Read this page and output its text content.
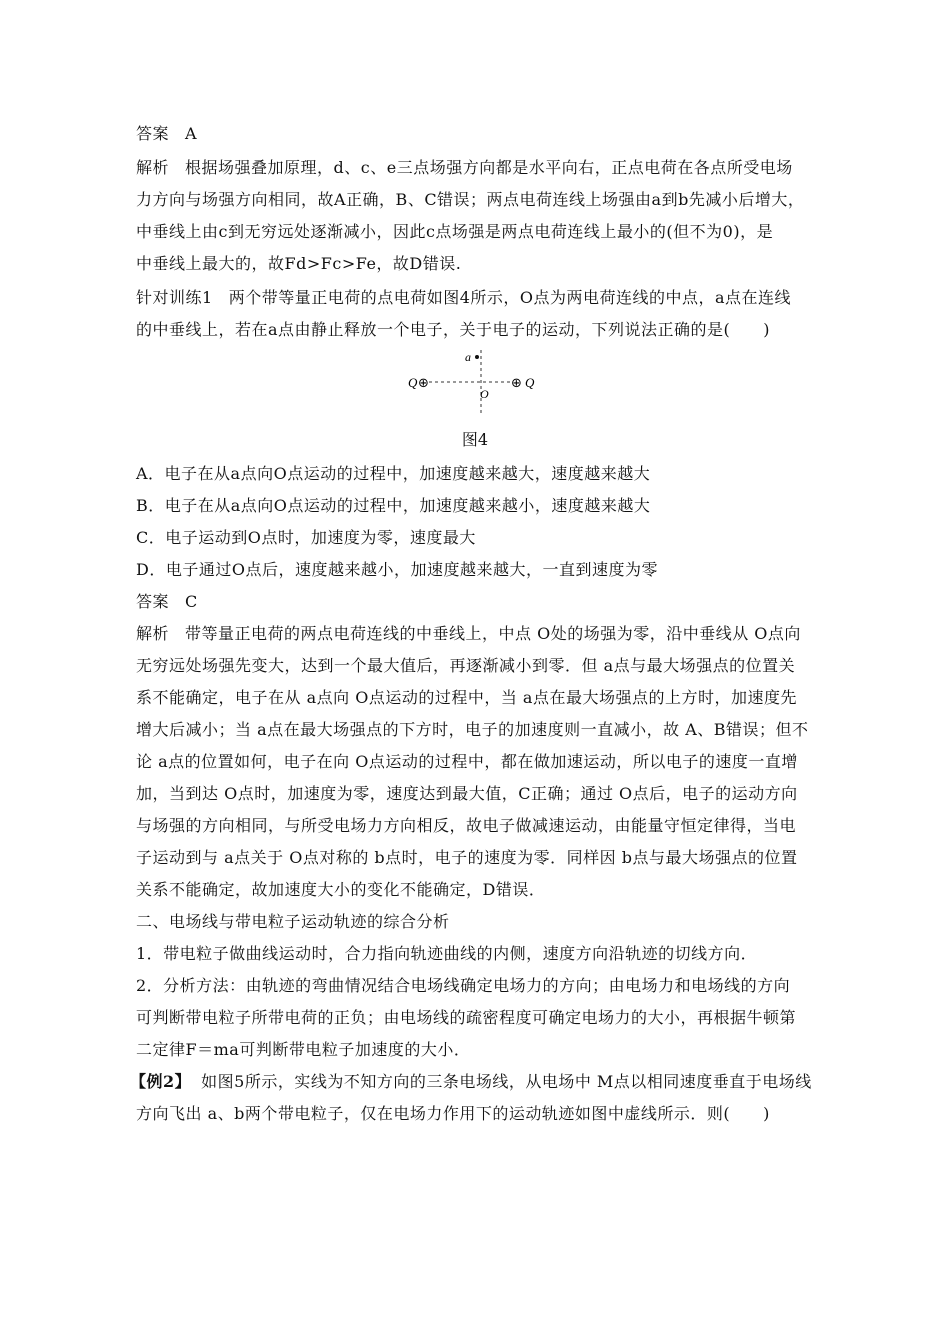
答案 A
解析 根据场强叠加原理，d、c、e三点场强方向都是水平向右，正点电荷在各点所受电场
力方向与场强方向相同，故A正确，B、C错误；两点电荷连线上场强由a到b先减小后增大，
中垂线上由c到无穷远处逐渐减小，因此c点场强是两点电荷连线上最小的(但不为0)，是
中垂线上最大的，故Fd>Fc>Fe，故D错误.
针对训练1 两个带等量正电荷的点电荷如图4所示，O点为两电荷连线的中点，a点在连线
的中垂线上，若在a点由静止释放一个电子，关于电子的运动，下列说法正确的是(　　)
a
Q ⊕	⊕ Q
O
图4
A．电子在从a点向O点运动的过程中，加速度越来越大，速度越来越大
B．电子在从a点向O点运动的过程中，加速度越来越小，速度越来越大
C．电子运动到O点时，加速度为零，速度最大
D．电子通过O点后，速度越来越小，加速度越来越大，一直到速度为零
答案 C
解析 带等量正电荷的两点电荷连线的中垂线上，中点 O处的场强为零，沿中垂线从 O点向
无穷远处场强先变大，达到一个最大值后，再逐渐减小到零．但 a点与最大场强点的位置关
系不能确定，电子在从 a点向 O点运动的过程中，当 a点在最大场强点的上方时，加速度先
增大后减小；当 a点在最大场强点的下方时，电子的加速度则一直减小，故 A、B错误；但不
论 a点的位置如何，电子在向 O点运动的过程中，都在做加速运动，所以电子的速度一直增
加，当到达 O点时，加速度为零，速度达到最大值，C正确；通过 O点后，电子的运动方向
与场强的方向相同，与所受电场力方向相反，故电子做减速运动，由能量守恒定律得，当电
子运动到与 a点关于 O点对称的 b点时，电子的速度为零．同样因 b点与最大场强点的位置
关系不能确定，故加速度大小的变化不能确定，D错误．
二、电场线与带电粒子运动轨迹的综合分析
1．带电粒子做曲线运动时，合力指向轨迹曲线的内侧，速度方向沿轨迹的切线方向．
2．分析方法：由轨迹的弯曲情况结合电场线确定电场力的方向；由电场力和电场线的方向
可判断带电粒子所带电荷的正负；由电场线的疏密程度可确定电场力的大小，再根据牛顿第
二定律F＝ma可判断带电粒子加速度的大小．
【例2】 如图5所示，实线为不知方向的三条电场线，从电场中 M点以相同速度垂直于电场线
方向飞出 a、b两个带电粒子，仅在电场力作用下的运动轨迹如图中虚线所示．则(　　)
